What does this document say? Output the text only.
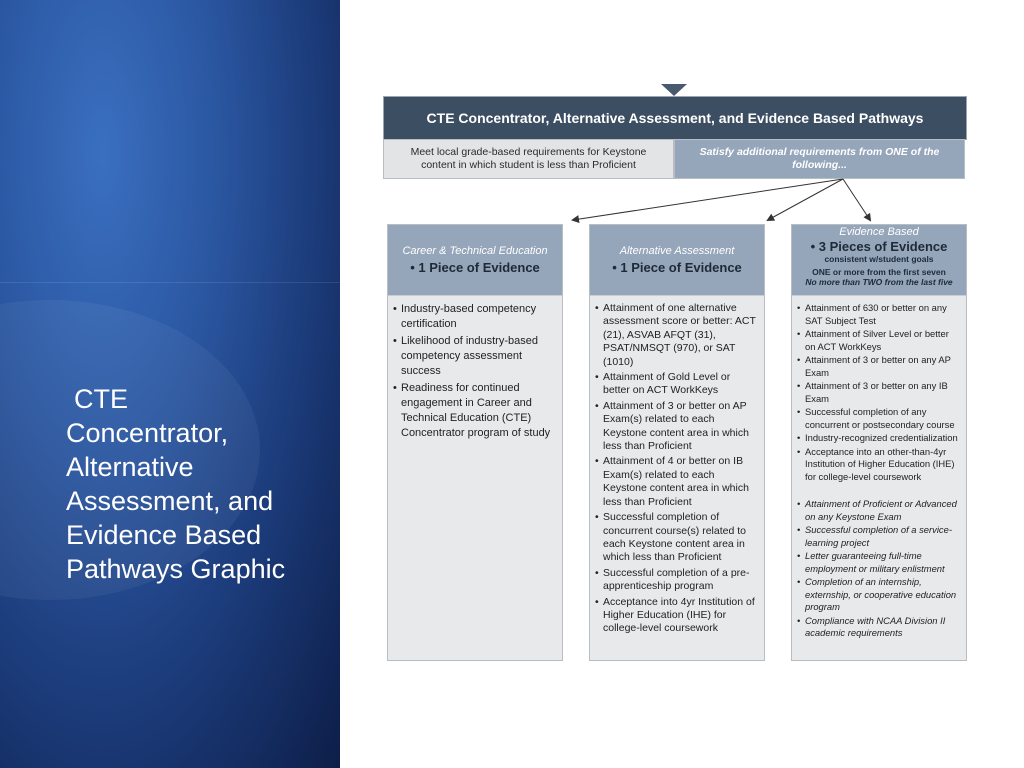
CTE
Concentrator,
Alternative
Assessment, and
Evidence Based
Pathways Graphic
CTE Concentrator, Alternative Assessment, and Evidence Based Pathways
Meet local grade-based requirements for Keystone
content in which student is less than Proficient
Satisfy additional requirements from ONE of the
following...
Career & Technical Education
• 1 Piece of Evidence
• Industry-based competency certification
• Likelihood of industry-based competency assessment success
• Readiness for continued engagement in Career and Technical Education (CTE) Concentrator program of study
Alternative Assessment
• 1 Piece of Evidence
• Attainment of one alternative assessment score or better: ACT (21), ASVAB AFQT (31), PSAT/NMSQT (970), or SAT (1010)
• Attainment of Gold Level or better on ACT WorkKeys
• Attainment of 3 or better on AP Exam(s) related to each Keystone content area in which less than Proficient
• Attainment of 4 or better on IB Exam(s) related to each Keystone content area in which less than Proficient
• Successful completion of concurrent course(s) related to each Keystone content area in which less than Proficient
• Successful completion of a pre-apprenticeship program
• Acceptance into 4yr Institution of Higher Education (IHE) for college-level coursework
Evidence Based
• 3 Pieces of Evidence
consistent w/student goals
ONE or more from the first seven
No more than TWO from the last five
• Attainment of 630 or better on any SAT Subject Test
• Attainment of Silver Level or better on ACT WorkKeys
• Attainment of 3 or better on any AP Exam
• Attainment of 3 or better on any IB Exam
• Successful completion of any concurrent or postsecondary course
• Industry-recognized credentialization
• Acceptance into an other-than-4yr Institution of Higher Education (IHE) for college-level coursework
• Attainment of Proficient or Advanced on any Keystone Exam
• Successful completion of a service-learning project
• Letter guaranteeing full-time employment or military enlistment
• Completion of an internship, externship, or cooperative education program
• Compliance with NCAA Division II academic requirements
